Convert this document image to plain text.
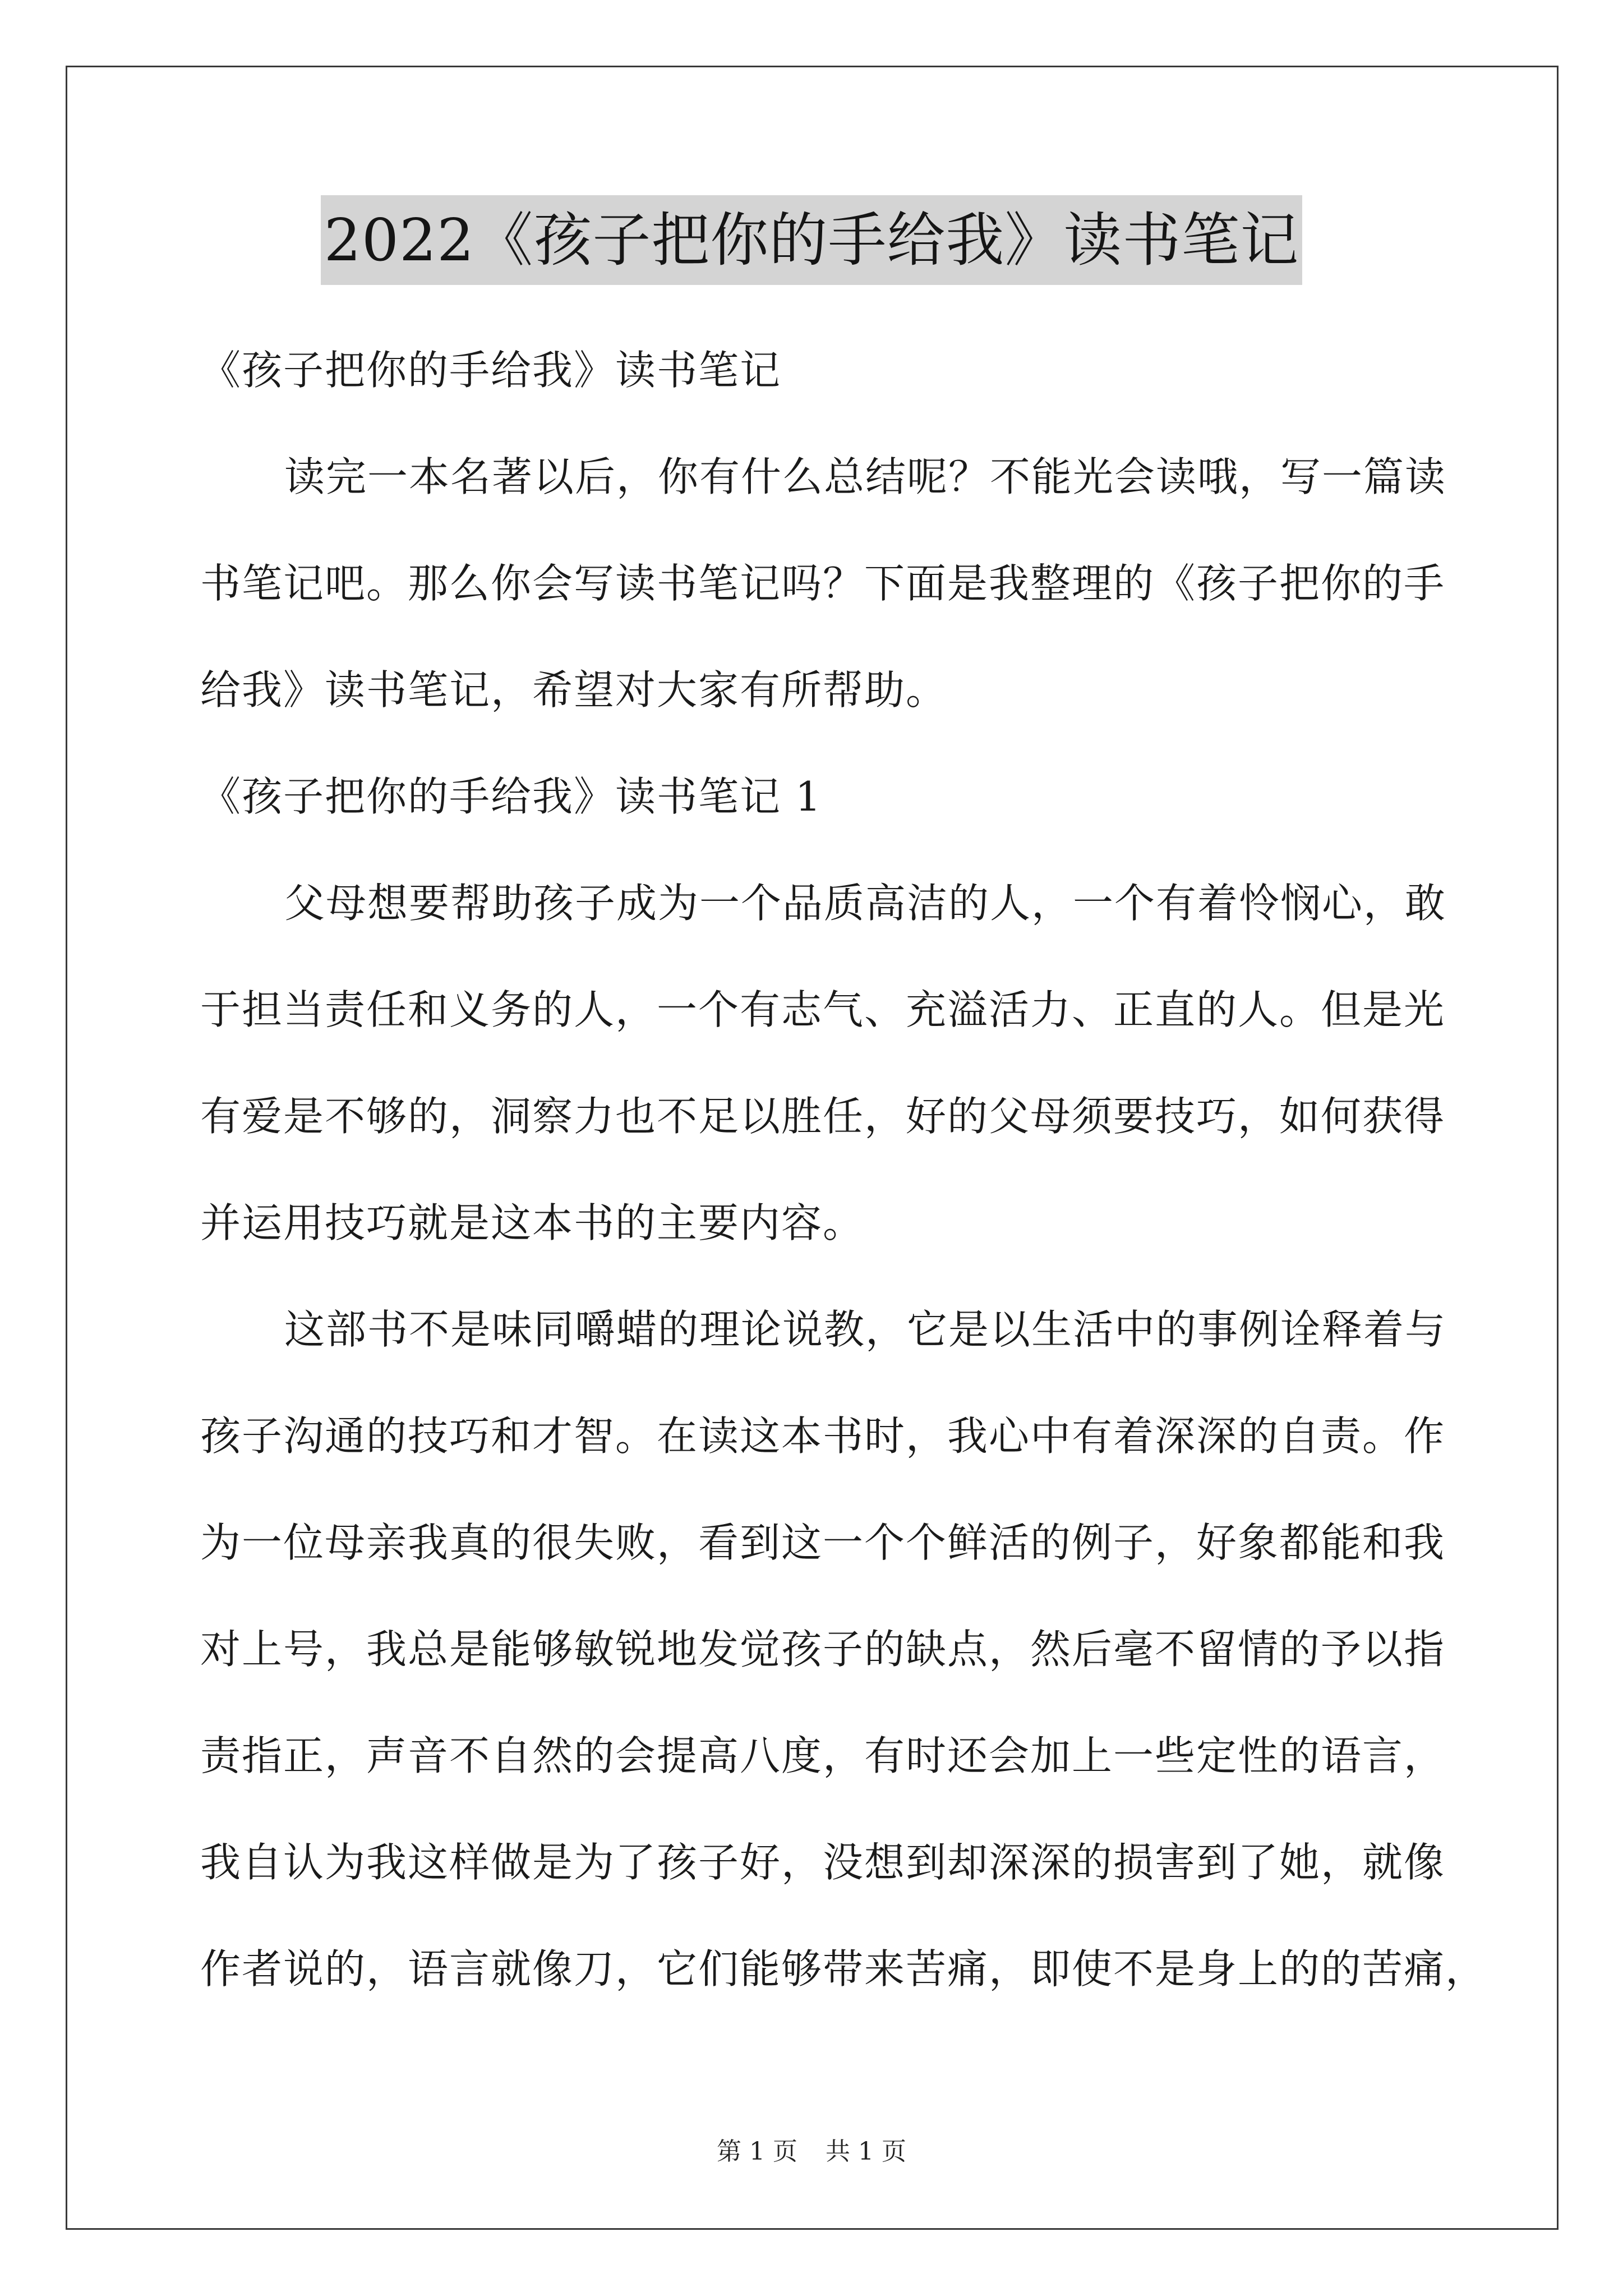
2022《孩子把你的手给我》读书笔记
《孩子把你的手给我》读书笔记
读完一本名著以后，你有什么总结呢？不能光会读哦，写一篇读
书笔记吧。那么你会写读书笔记吗？下面是我整理的《孩子把你的手
给我》读书笔记，希望对大家有所帮助。
《孩子把你的手给我》读书笔记 1
父母想要帮助孩子成为一个品质高洁的人，一个有着怜悯心，敢
于担当责任和义务的人，一个有志气、充溢活力、正直的人。但是光
有爱是不够的，洞察力也不足以胜任，好的父母须要技巧，如何获得
并运用技巧就是这本书的主要内容。
这部书不是味同嚼蜡的理论说教，它是以生活中的事例诠释着与
孩子沟通的技巧和才智。在读这本书时，我心中有着深深的自责。作
为一位母亲我真的很失败，看到这一个个鲜活的例子，好象都能和我
对上号，我总是能够敏锐地发觉孩子的缺点，然后毫不留情的予以指
责指正，声音不自然的会提高八度，有时还会加上一些定性的语言，
我自认为我这样做是为了孩子好，没想到却深深的损害到了她，就像
作者说的，语言就像刀，它们能够带来苦痛，即使不是身上的的苦痛，
第 1 页 共 1 页
